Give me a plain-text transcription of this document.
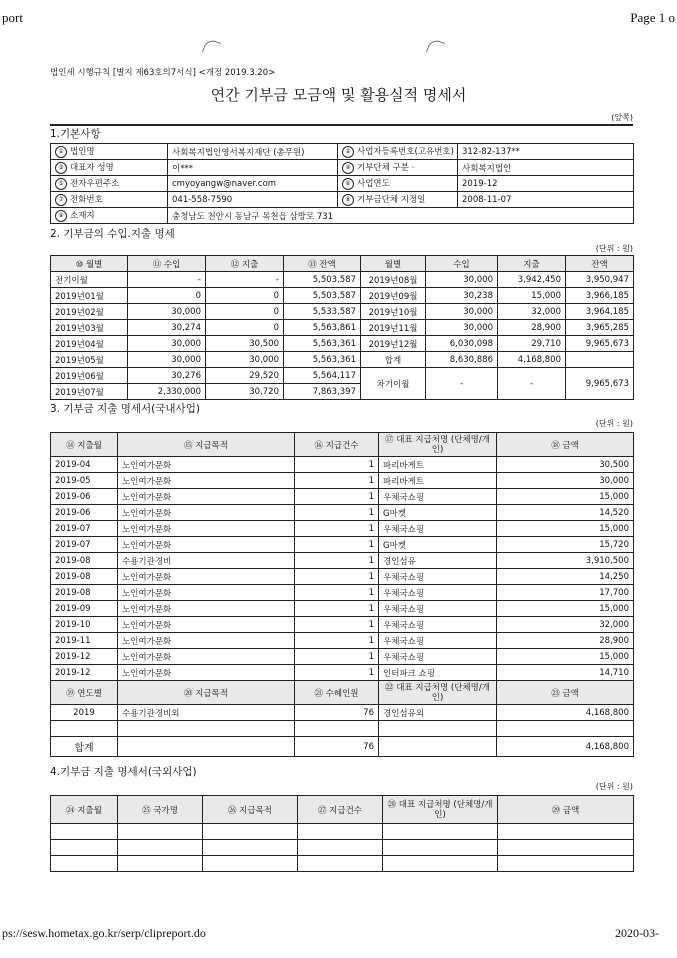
port	Page 1 o
법인세 시행규칙 [별지 제63호의7서식] <개정 2019.3.20>
연간 기부금 모금액 및 활용실적 명세서
(앞쪽)
1.기본사항
① 법인명	사회복지법인영서복지재단 (총무원)	② 사업자등록번호(고유번호)	312-82-137**
③ 대표자 성명	이***	④ 기부단체 구분 ·	사회복지법인
⑤ 전자우편주소	cmyoyangw@naver.com	⑥ 사업연도	2019-12
⑦ 전화번호	041-558-7590	⑧ 기부금단체 지정일	2008-11-07
⑨ 소재지	충청남도 천안시 동남구 목천읍 삼방로 731		
2. 기부금의 수입.지출 명세
(단위 : 원)
⑩ 월별	⑪ 수입	⑫ 지출	⑬ 잔액	월별	수입	지출	잔액
전기이월	-	-	5,503,587	2019년08월	30,000	3,942,450	3,950,947
2019년01월	0	0	5,503,587	2019년09월	30,238	15,000	3,966,185
2019년02월	30,000	0	5,533,587	2019년10월	30,000	32,000	3,964,185
2019년03월	30,274	0	5,563,861	2019년11월	30,000	28,900	3,965,285
2019년04월	30,000	30,500	5,563,361	2019년12월	6,030,098	29,710	9,965,673
2019년05월	30,000	30,000	5,563,361	합계	8,630,886	4,168,800	
2019년06월	30,276	29,520	5,564,117	차기이월	-	-	9,965,673
2019년07월	2,330,000	30,720	7,863,397				
3. 기부금 지출 명세서(국내사업)
(단위 : 원)
⑭ 지출월	⑮ 지급목적	⑯ 지급건수	⑰ 대표 지급처명 (단체명/개인)	⑱ 금액
2019-04	노인여가문화	1	파리바게트	30,500
2019-05	노인여가문화	1	파리바게트	30,000
2019-06	노인여가문화	1	우체국쇼핑	15,000
2019-06	노인여가문화	1	G마켓	14,520
2019-07	노인여가문화	1	우체국쇼핑	15,000
2019-07	노인여가문화	1	G마켓	15,720
2019-08	수용기관경비	1	경인섬유	3,910,500
2019-08	노인여가문화	1	우체국쇼핑	14,250
2019-08	노인여가문화	1	우체국쇼핑	17,700
2019-09	노인여가문화	1	우체국쇼핑	15,000
2019-10	노인여가문화	1	우체국쇼핑	32,000
2019-11	노인여가문화	1	우체국쇼핑	28,900
2019-12	노인여가문화	1	우체국쇼핑	15,000
2019-12	노인여가문화	1	인터파크 쇼핑	14,710
⑲ 연도별	⑳ 지급목적	㉑ 수혜인원	㉒ 대표 지급처명 (단체명/개인)	㉓ 금액
2019	수용기관경비외	76	경인섬유외	4,168,800

합계		76		4,168,800
4.기부금 지출 명세서(국외사업)
(단위 : 원)
㉔ 지출월	㉕ 국가명	㉖ 지급목적	㉗ 지급건수	㉘ 대표 지급처명 (단체명/개인)	㉙ 금액

ps://sesw.hometax.go.kr/serp/clipreport.do	2020-03-
